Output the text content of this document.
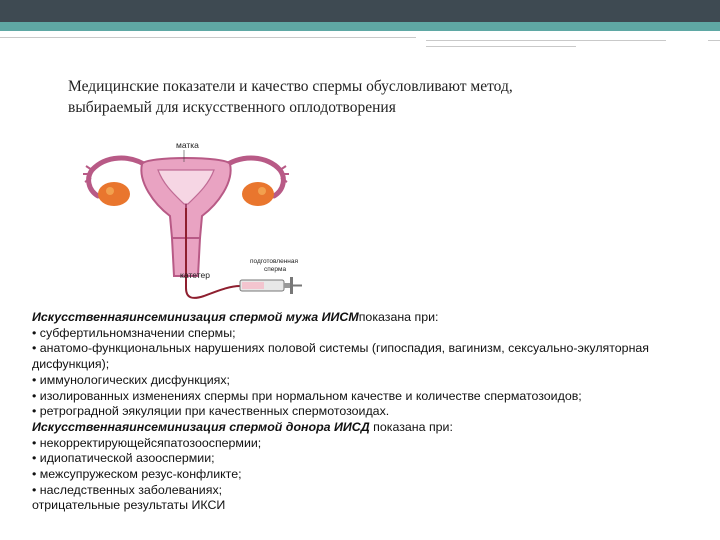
Медицинские показатели и качество спермы обусловливают метод,
выбираемый для искусственного оплодотворения
матка
катетер
подготовленная
сперма
Искусственнаяинсеминизация спермой мужа ИИСМпоказана при:
• субфертильномзначении спермы;
• анатомо-функциональных нарушениях половой системы (гипоспадия, вагинизм, сексуально-экуляторная
дисфункция);
• иммунологических дисфункциях;
• изолированных изменениях спермы при нормальном качестве и количестве сперматозоидов;
• ретроградной эякуляции при качественных спермотозоидах.
Искусственнаяинсеминизация спермой донора ИИСД показана при:
• некорректирующейсяпатозооспермии;
• идиопатической азооспермии;
• межсупружеском резус-конфликте;
• наследственных заболеваниях;
отрицательные результаты ИКСИ
